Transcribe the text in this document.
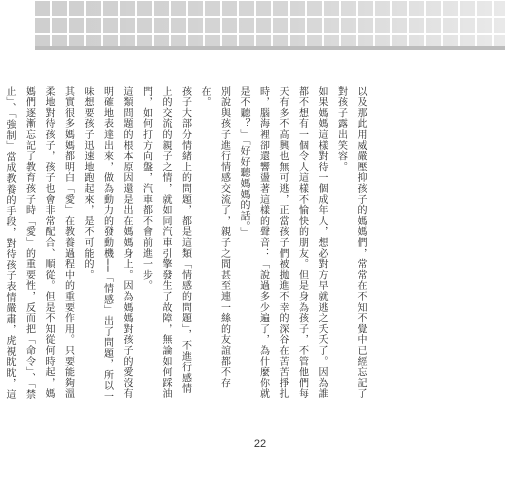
以及那此用威嚴壓抑孩子的媽媽們，常常在不知不覺中已經忘記了對孩子露出笑容。

如果媽媽這樣對待一個成年人，想必對方早就逃之夭夭了。因為誰都不想有一個令人這樣不愉快的朋友。但是身為孩子，不管他們每天有多不高興也無可逃，正當孩子們被拋進不幸的深谷在苦苦掙扎時，腦海裡卻還響盪著這樣的聲音：「說過多少遍了，為什麼你就是不聽？」「好好聽媽媽的話。」

別說與孩子進行情感交流了，親子之間甚至連一絲的友誼都不存在。

孩子大部分情緒上的問題，都是這類「情感的問題」，不進行感情上的交流的親子之情，就如同汽車引擎發生了故障，無論如何踩油門，如何打方向盤，汽車都不會前進一步。

這類問題的根本原因還是出在媽媽身上。因為媽媽對孩子的愛沒有明確地表達出來，做為動力的發動機──「情感」出了問題，所以一味想要孩子迅速地跑起來，是不可能的。

其實很多媽媽都明白「愛」在教養過程中的重要作用。只要能夠溫柔地對待孩子，孩子也會非常配合、順從。但是不知從何時起，媽媽們逐漸忘記了教育孩子時「愛」的重要性，反而把「命令」、「禁止」、「強制」當成教養的手段，對待孩子表情嚴肅，虎視眈眈，這

22
